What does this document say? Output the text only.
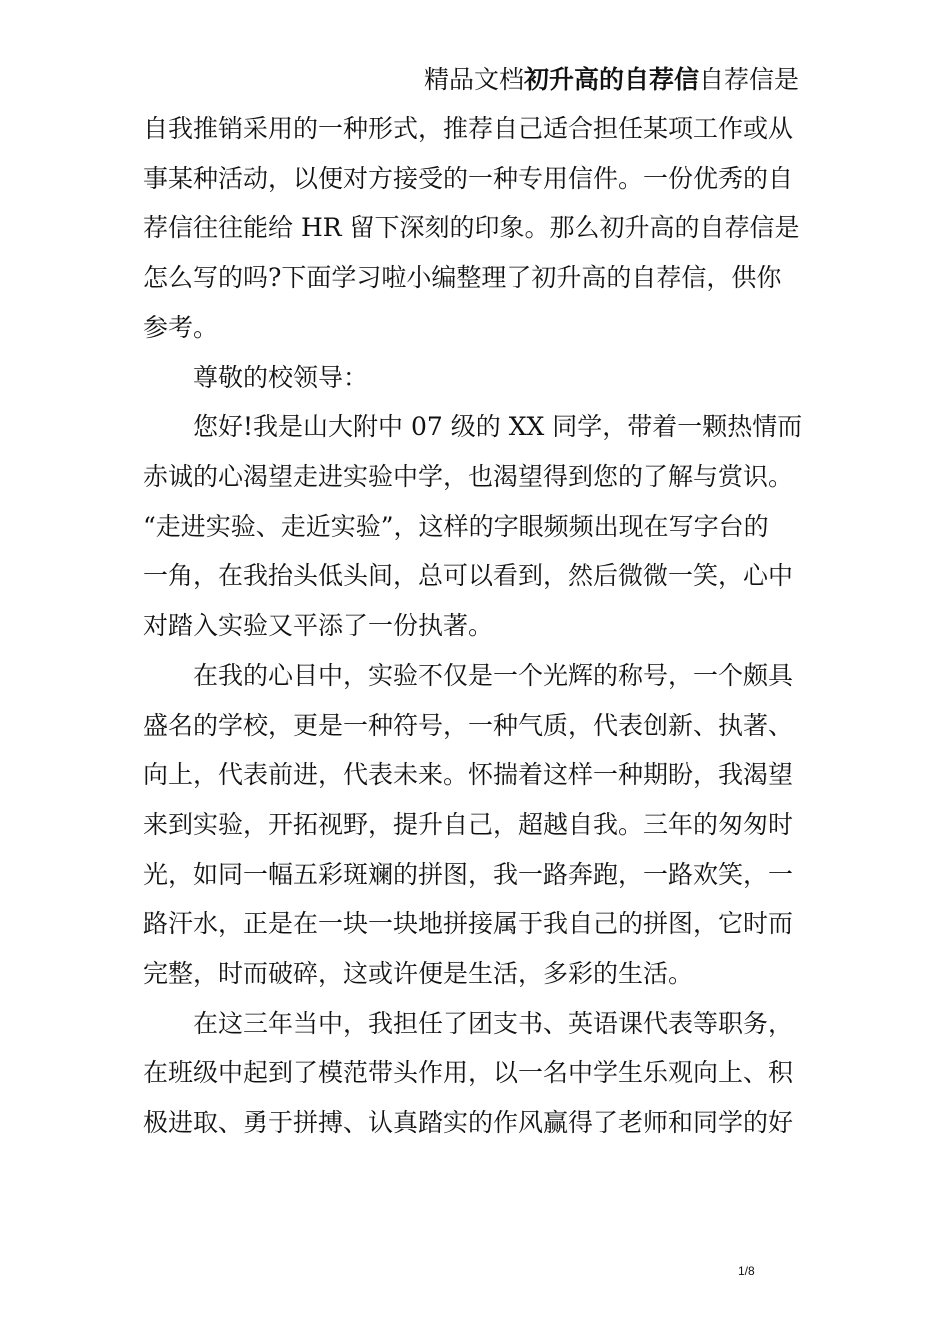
精品文档初升高的自荐信自荐信是
自我推销采用的一种形式，推荐自己适合担任某项工作或从
事某种活动，以便对方接受的一种专用信件。一份优秀的自
荐信往往能给 HR 留下深刻的印象。那么初升高的自荐信是
怎么写的吗?下面学习啦小编整理了初升高的自荐信，供你
参考。
　　尊敬的校领导：
　　您好!我是山大附中 07 级的 XX 同学，带着一颗热情而
赤诚的心渴望走进实验中学，也渴望得到您的了解与赏识。
“走进实验、走近实验”，这样的字眼频频出现在写字台的
一角，在我抬头低头间，总可以看到，然后微微一笑，心中
对踏入实验又平添了一份执著。
　　在我的心目中，实验不仅是一个光辉的称号，一个颇具
盛名的学校，更是一种符号，一种气质，代表创新、执著、
向上，代表前进，代表未来。怀揣着这样一种期盼，我渴望
来到实验，开拓视野，提升自己，超越自我。三年的匆匆时
光，如同一幅五彩斑斓的拼图，我一路奔跑，一路欢笑，一
路汗水，正是在一块一块地拼接属于我自己的拼图，它时而
完整，时而破碎，这或许便是生活，多彩的生活。
　　在这三年当中，我担任了团支书、英语课代表等职务，
在班级中起到了模范带头作用，以一名中学生乐观向上、积
极进取、勇于拼搏、认真踏实的作风赢得了老师和同学的好
1/8
